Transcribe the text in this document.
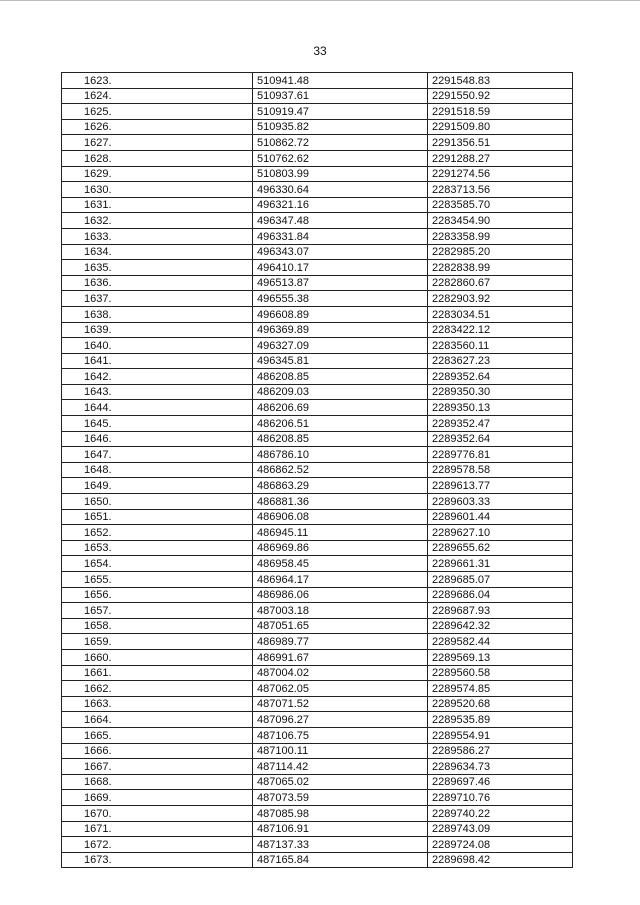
33
1623.	510941.48	2291548.83
1624.	510937.61	2291550.92
1625.	510919.47	2291518.59
1626.	510935.82	2291509.80
1627.	510862.72	2291356.51
1628.	510762.62	2291288.27
1629.	510803.99	2291274.56
1630.	496330.64	2283713.56
1631.	496321.16	2283585.70
1632.	496347.48	2283454.90
1633.	496331.84	2283358.99
1634.	496343.07	2282985.20
1635.	496410.17	2282838.99
1636.	496513.87	2282860.67
1637.	496555.38	2282903.92
1638.	496608.89	2283034.51
1639.	496369.89	2283422.12
1640.	496327.09	2283560.11
1641.	496345.81	2283627.23
1642.	486208.85	2289352.64
1643.	486209.03	2289350.30
1644.	486206.69	2289350.13
1645.	486206.51	2289352.47
1646.	486208.85	2289352.64
1647.	486786.10	2289776.81
1648.	486862.52	2289578.58
1649.	486863.29	2289613.77
1650.	486881.36	2289603.33
1651.	486906.08	2289601.44
1652.	486945.11	2289627.10
1653.	486969.86	2289655.62
1654.	486958.45	2289661.31
1655.	486964.17	2289685.07
1656.	486986.06	2289686.04
1657.	487003.18	2289687.93
1658.	487051.65	2289642.32
1659.	486989.77	2289582.44
1660.	486991.67	2289569.13
1661.	487004.02	2289560.58
1662.	487062.05	2289574.85
1663.	487071.52	2289520.68
1664.	487096.27	2289535.89
1665.	487106.75	2289554.91
1666.	487100.11	2289586.27
1667.	487114.42	2289634.73
1668.	487065.02	2289697.46
1669.	487073.59	2289710.76
1670.	487085.98	2289740.22
1671.	487106.91	2289743.09
1672.	487137.33	2289724.08
1673.	487165.84	2289698.42
